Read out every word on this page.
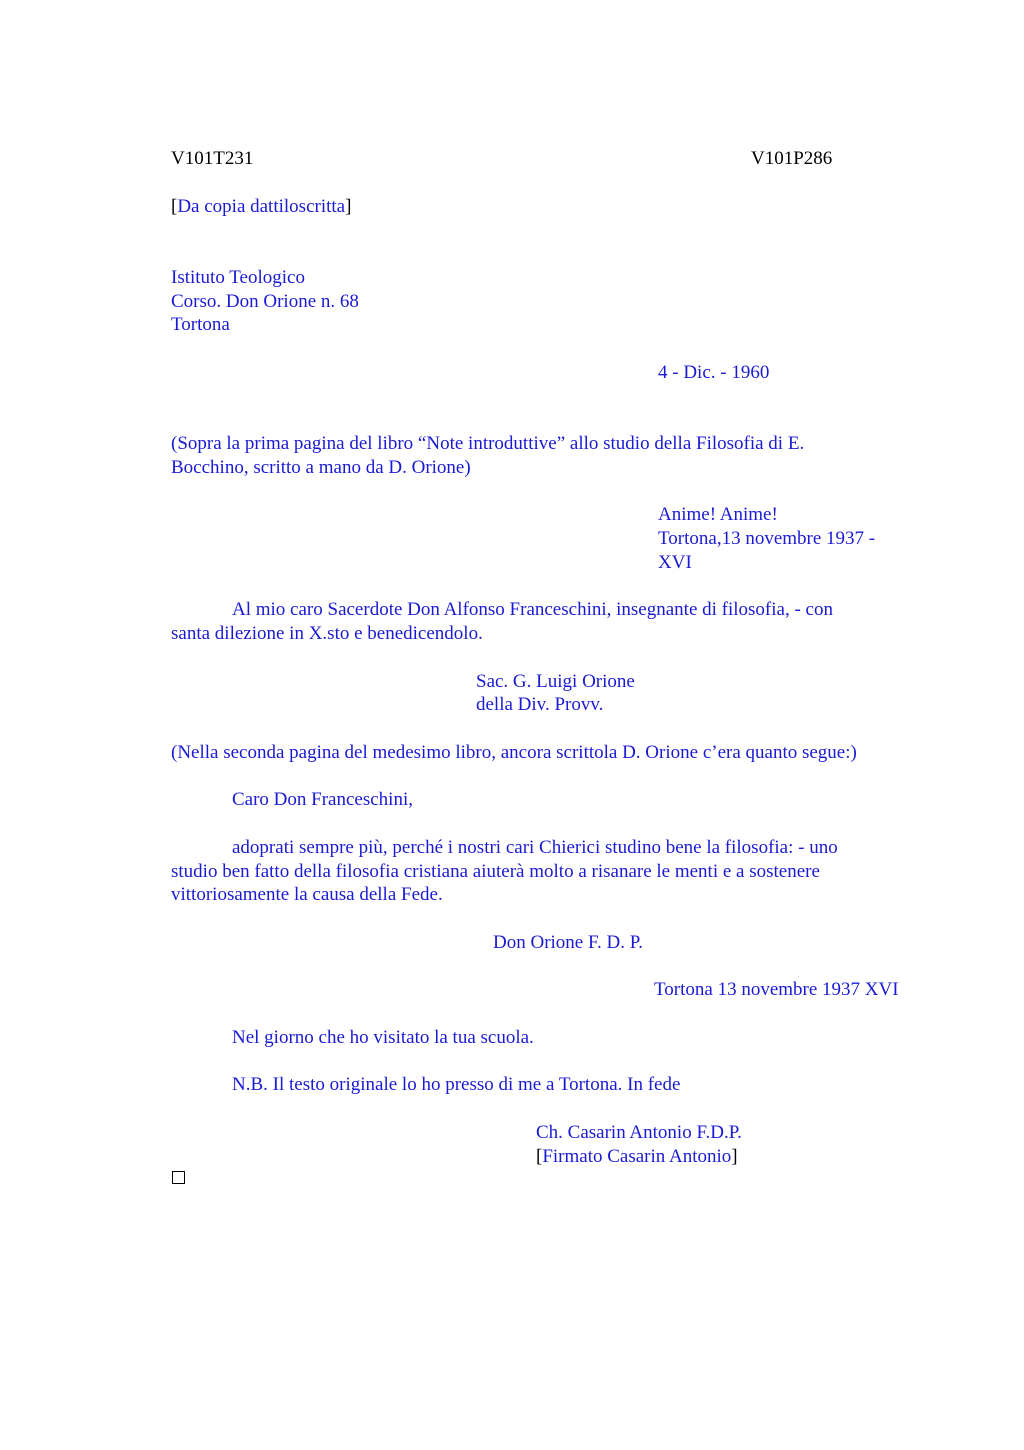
V101T231	V101P286

[Da copia dattiloscritta]

Istituto Teologico

Corso. Don Orione n. 68

Tortona

4 - Dic. - 1960

(Sopra la prima pagina del libro “Note introduttive” allo studio della Filosofia di E.

Bocchino, scritto a mano da D. Orione)

Anime! Anime!

Tortona,13 novembre 1937 -

XVI

Al mio caro Sacerdote Don Alfonso Franceschini, insegnante di filosofia, - con

santa dilezione in X.sto e benedicendolo.

Sac. G. Luigi Orione

della Div. Provv.

(Nella seconda pagina del medesimo libro, ancora scrittola D. Orione c’era quanto segue:)

Caro Don Franceschini,

adoprati sempre più, perché i nostri cari Chierici studino bene la filosofia: - uno

studio ben fatto della filosofia cristiana aiuterà molto a risanare le menti e a sostenere

vittoriosamente la causa della Fede.

Don Orione F. D. P.

Tortona 13 novembre 1937 XVI

Nel giorno che ho visitato la tua scuola.

N.B. Il testo originale lo ho presso di me a Tortona. In fede

Ch. Casarin Antonio F.D.P.

[Firmato Casarin Antonio]
